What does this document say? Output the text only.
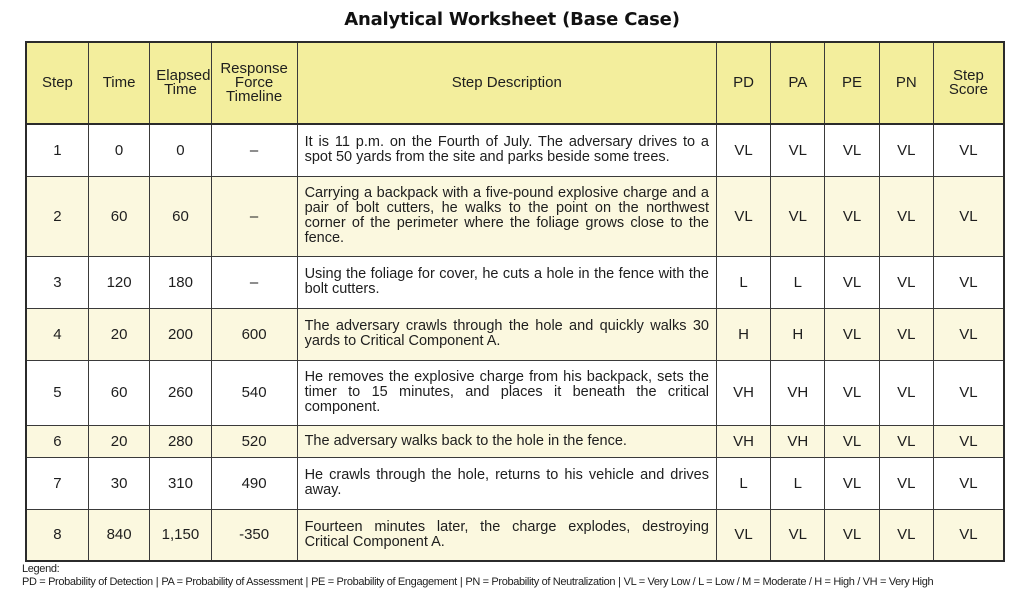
Analytical Worksheet (Base Case)
Step	Time	Elapsed Time	Response Force Timeline	Step Description	PD	PA	PE	PN	Step Score
1	0	0	–	It is 11 p.m. on the Fourth of July. The adversary drives to a spot 50 yards from the site and parks beside some trees.	VL	VL	VL	VL	VL
2	60	60	–	Carrying a backpack with a five-pound explosive charge and a pair of bolt cutters, he walks to the point on the northwest corner of the perimeter where the foliage grows close to the fence.	VL	VL	VL	VL	VL
3	120	180	–	Using the foliage for cover, he cuts a hole in the fence with the bolt cutters.	L	L	VL	VL	VL
4	20	200	600	The adversary crawls through the hole and quickly walks 30 yards to Critical Component A.	H	H	VL	VL	VL
5	60	260	540	He removes the explosive charge from his backpack, sets the timer to 15 minutes, and places it beneath the critical component.	VH	VH	VL	VL	VL
6	20	280	520	The adversary walks back to the hole in the fence.	VH	VH	VL	VL	VL
7	30	310	490	He crawls through the hole, returns to his vehicle and drives away.	L	L	VL	VL	VL
8	840	1,150	-350	Fourteen minutes later, the charge explodes, destroying Critical Component A.	VL	VL	VL	VL	VL
Legend:
PD = Probability of Detection | PA = Probability of Assessment | PE = Probability of Engagement | PN = Probability of Neutralization | VL = Very Low / L = Low / M = Moderate / H = High / VH = Very High
